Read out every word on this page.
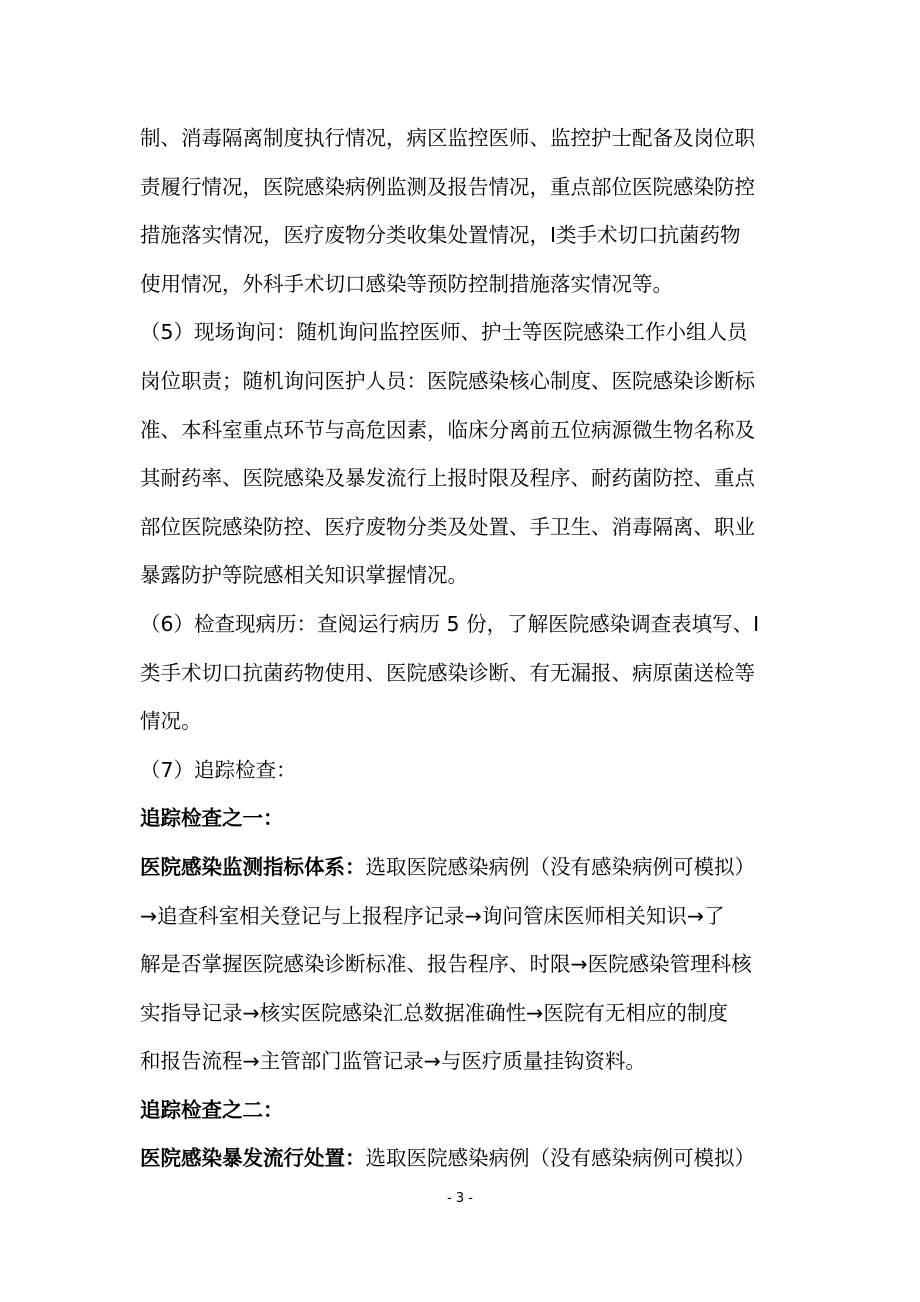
制、消毒隔离制度执行情况，病区监控医师、监控护士配备及岗位职
责履行情况，医院感染病例监测及报告情况，重点部位医院感染防控
措施落实情况，医疗废物分类收集处置情况，Ⅰ类手术切口抗菌药物
使用情况，外科手术切口感染等预防控制措施落实情况等。
（5）现场询问：随机询问监控医师、护士等医院感染工作小组人员
岗位职责；随机询问医护人员：医院感染核心制度、医院感染诊断标
准、本科室重点环节与高危因素，临床分离前五位病源微生物名称及
其耐药率、医院感染及暴发流行上报时限及程序、耐药菌防控、重点
部位医院感染防控、医疗废物分类及处置、手卫生、消毒隔离、职业
暴露防护等院感相关知识掌握情况。
（6）检查现病历：查阅运行病历 5 份，了解医院感染调查表填写、Ⅰ
类手术切口抗菌药物使用、医院感染诊断、有无漏报、病原菌送检等
情况。
（7）追踪检查：
追踪检查之一：
医院感染监测指标体系：选取医院感染病例（没有感染病例可模拟）
→追查科室相关登记与上报程序记录→询问管床医师相关知识→了
解是否掌握医院感染诊断标准、报告程序、时限→医院感染管理科核
实指导记录→核实医院感染汇总数据准确性→医院有无相应的制度
和报告流程→主管部门监管记录→与医疗质量挂钩资料。
追踪检查之二：
医院感染暴发流行处置：选取医院感染病例（没有感染病例可模拟）
- 3 -
